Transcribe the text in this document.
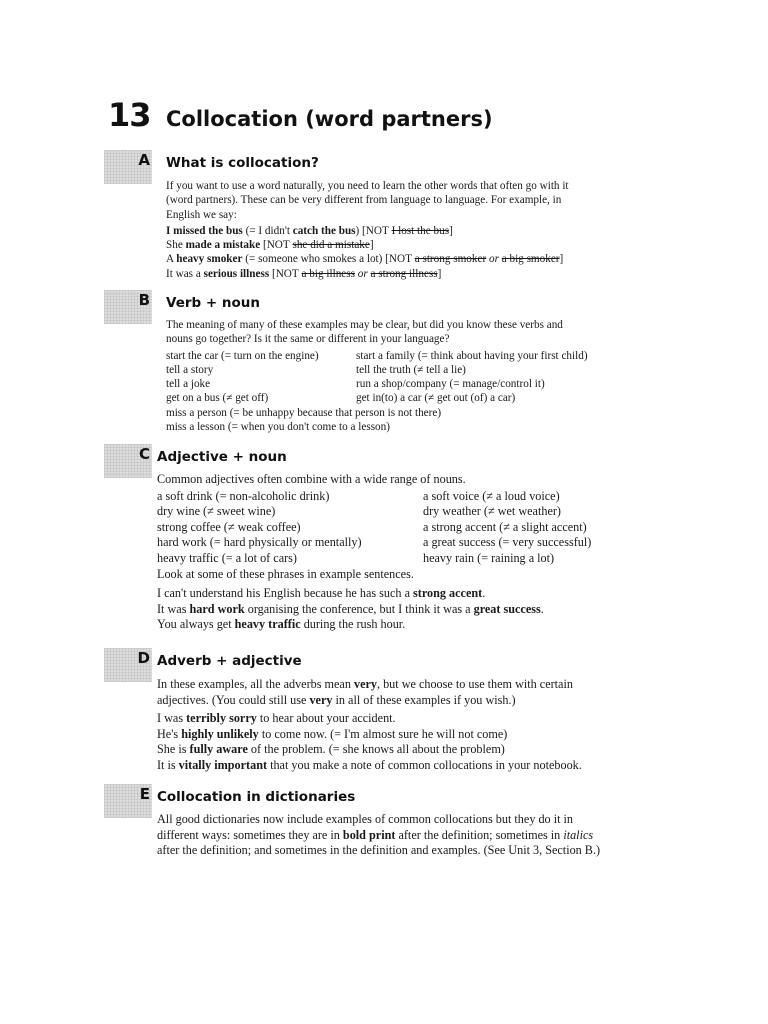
13 Collocation (word partners)
A What is collocation?
If you want to use a word naturally, you need to learn the other words that often go with it
(word partners). These can be very different from language to language. For example, in
English we say:
I missed the bus (= I didn't catch the bus) [NOT I lost the bus]
She made a mistake [NOT she did a mistake]
A heavy smoker (= someone who smokes a lot) [NOT a strong smoker or a big smoker]
It was a serious illness [NOT a big illness or a strong illness]
B Verb + noun
The meaning of many of these examples may be clear, but did you know these verbs and
nouns go together? Is it the same or different in your language?
start the car (= turn on the engine)
tell a story
tell a joke
get on a bus (≠ get off)
start a family (= think about having your first child)
tell the truth (≠ tell a lie)
run a shop/company (= manage/control it)
get in(to) a car (≠ get out (of) a car)
miss a person (= be unhappy because that person is not there)
miss a lesson (= when you don't come to a lesson)
C Adjective + noun
Common adjectives often combine with a wide range of nouns.
a soft drink (= non-alcoholic drink)
dry wine (≠ sweet wine)
strong coffee (≠ weak coffee)
hard work (= hard physically or mentally)
heavy traffic (= a lot of cars)
a soft voice (≠ a loud voice)
dry weather (≠ wet weather)
a strong accent (≠ a slight accent)
a great success (= very successful)
heavy rain (= raining a lot)
Look at some of these phrases in example sentences.
I can't understand his English because he has such a strong accent.
It was hard work organising the conference, but I think it was a great success.
You always get heavy traffic during the rush hour.
D Adverb + adjective
In these examples, all the adverbs mean very, but we choose to use them with certain
adjectives. (You could still use very in all of these examples if you wish.)
I was terribly sorry to hear about your accident.
He's highly unlikely to come now. (= I'm almost sure he will not come)
She is fully aware of the problem. (= she knows all about the problem)
It is vitally important that you make a note of common collocations in your notebook.
E Collocation in dictionaries
All good dictionaries now include examples of common collocations but they do it in
different ways: sometimes they are in bold print after the definition; sometimes in italics
after the definition; and sometimes in the definition and examples. (See Unit 3, Section B.)
